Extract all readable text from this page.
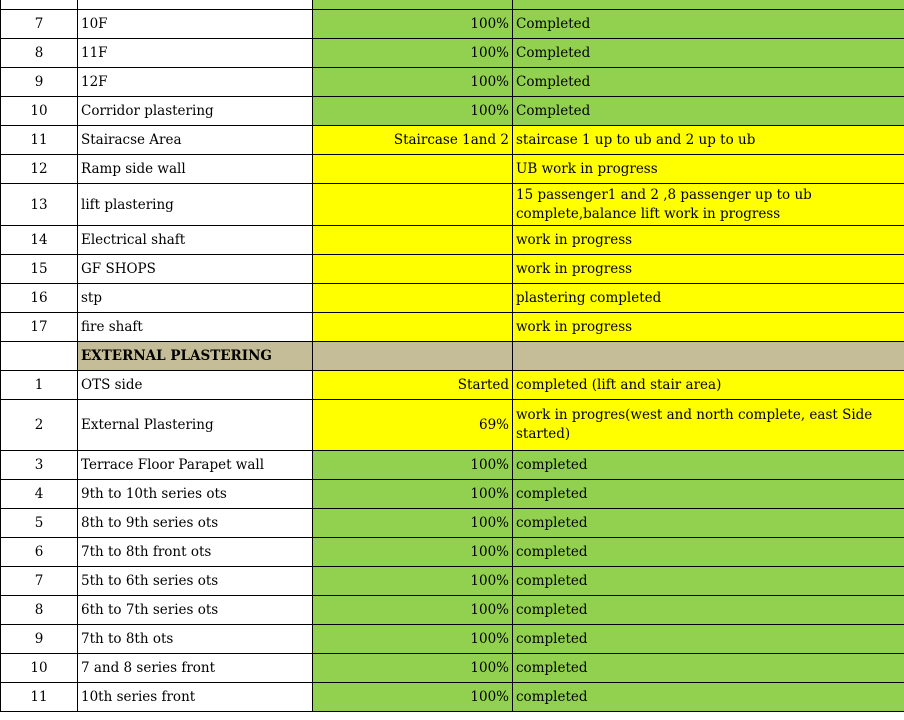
7	10F	100%	Completed
8	11F	100%	Completed
9	12F	100%	Completed
10	Corridor plastering	100%	Completed
11	Stairacse Area	Staircase 1and 2	staircase 1 up to ub and 2 up to ub
12	Ramp side wall		UB work in progress
13	lift plastering		15 passenger1 and 2 ,8 passenger up to ub complete,balance lift work in progress
14	Electrical shaft		work in progress
15	GF SHOPS		work in progress
16	stp		plastering completed
17	fire shaft		work in progress
	EXTERNAL PLASTERING		
1	OTS side	Started	completed (lift and stair area)
2	External Plastering	69%	work in progres(west and north complete, east Side started)
3	Terrace Floor Parapet wall	100%	completed
4	9th to 10th series ots	100%	completed
5	8th to 9th series ots	100%	completed
6	7th to 8th front ots	100%	completed
7	5th to 6th series ots	100%	completed
8	6th to 7th series ots	100%	completed
9	7th to 8th ots	100%	completed
10	7 and 8 series front	100%	completed
11	10th series front	100%	completed
